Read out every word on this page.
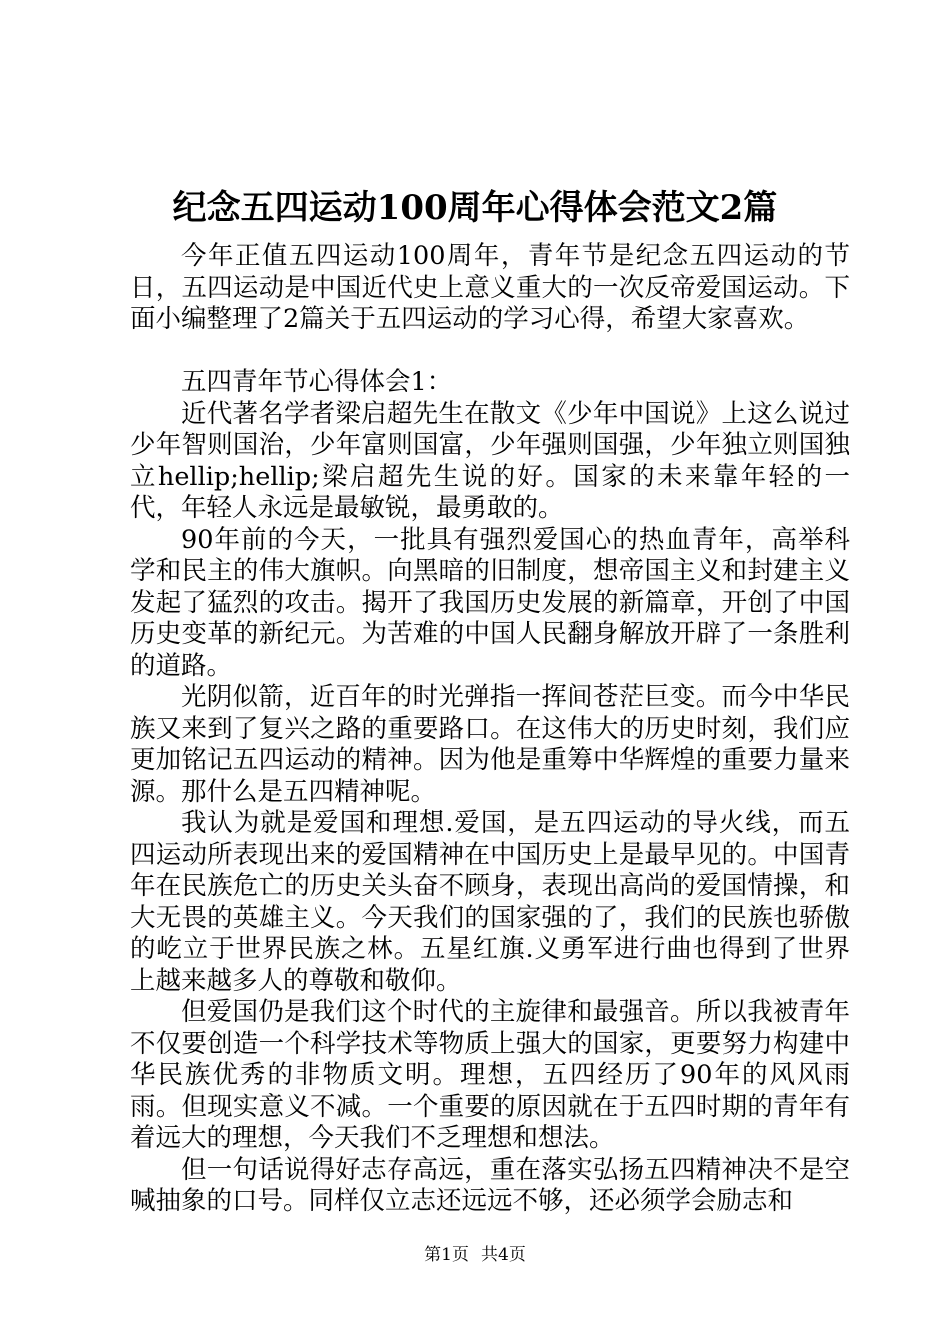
纪念五四运动100周年心得体会范文2篇

今年正值五四运动100周年，青年节是纪念五四运动的节日，五四运动是中国近代史上意义重大的一次反帝爱国运动。下面小编整理了2篇关于五四运动的学习心得，希望大家喜欢。

五四青年节心得体会1：

近代著名学者梁启超先生在散文《少年中国说》上这么说过少年智则国治，少年富则国富，少年强则国强，少年独立则国独立hellip;hellip;梁启超先生说的好。国家的未来靠年轻的一代，年轻人永远是最敏锐，最勇敢的。

90年前的今天，一批具有强烈爱国心的热血青年，高举科学和民主的伟大旗帜。向黑暗的旧制度，想帝国主义和封建主义发起了猛烈的攻击。揭开了我国历史发展的新篇章，开创了中国历史变革的新纪元。为苦难的中国人民翻身解放开辟了一条胜利的道路。

光阴似箭，近百年的时光弹指一挥间苍茫巨变。而今中华民族又来到了复兴之路的重要路口。在这伟大的历史时刻，我们应更加铭记五四运动的精神。因为他是重筹中华辉煌的重要力量来源。那什么是五四精神呢。

我认为就是爱国和理想.爱国，是五四运动的导火线，而五四运动所表现出来的爱国精神在中国历史上是最早见的。中国青年在民族危亡的历史关头奋不顾身，表现出高尚的爱国情操，和大无畏的英雄主义。今天我们的国家强的了，我们的民族也骄傲的屹立于世界民族之林。五星红旗.义勇军进行曲也得到了世界上越来越多人的尊敬和敬仰。

但爱国仍是我们这个时代的主旋律和最强音。所以我被青年不仅要创造一个科学技术等物质上强大的国家，更要努力构建中华民族优秀的非物质文明。理想，五四经历了90年的风风雨雨。但现实意义不减。一个重要的原因就在于五四时期的青年有着远大的理想，今天我们不乏理想和想法。

但一句话说得好志存高远，重在落实弘扬五四精神决不是空喊抽象的口号。同样仅立志还远远不够，还必须学会励志和

第1页 共4页
